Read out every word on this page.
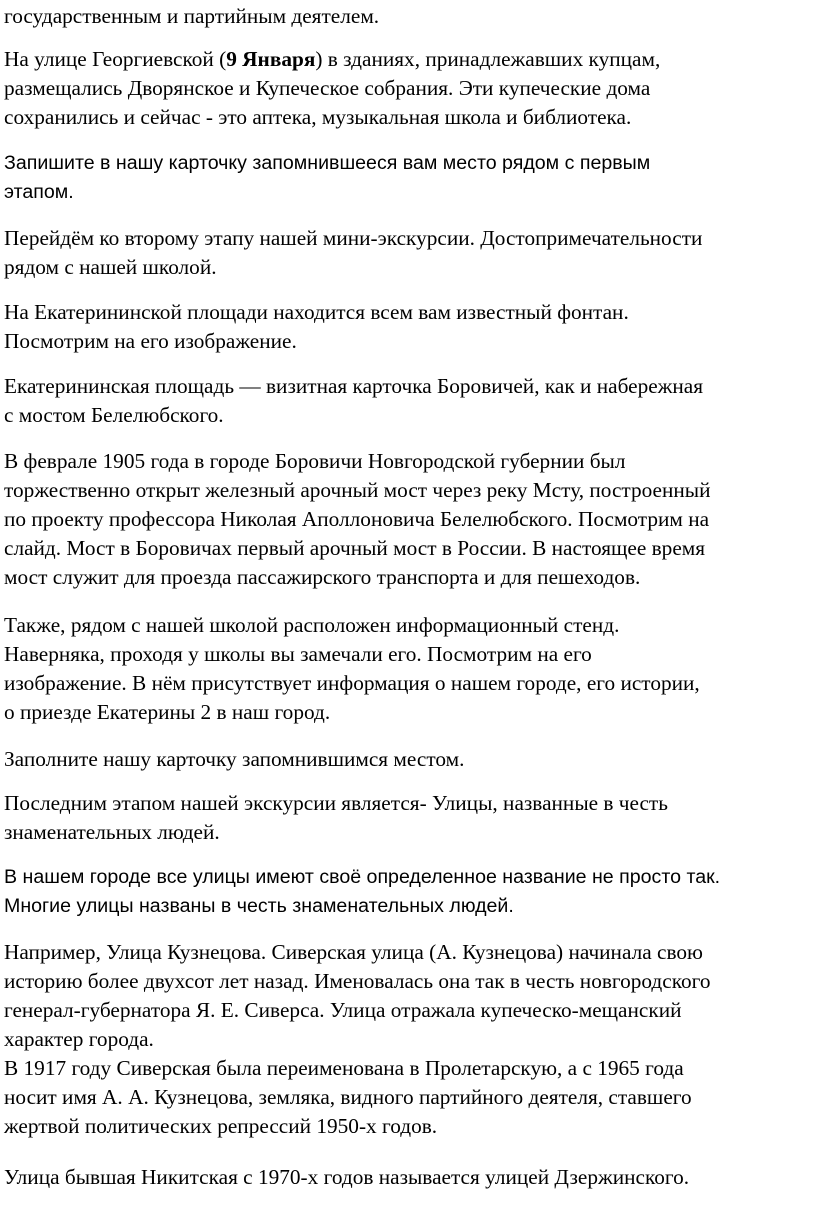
государственным и партийным деятелем.

На улице Георгиевской (9 Января) в зданиях, принадлежавших купцам,
размещались Дворянское и Купеческое собрания. Эти купеческие дома
сохранились и сейчас - это аптека, музыкальная школа и библиотека.

Запишите в нашу карточку запомнившееся вам место рядом с первым
этапом.

Перейдём ко второму этапу нашей мини-экскурсии. Достопримечательности
рядом с нашей школой.

На Екатерининской площади находится всем вам известный фонтан.
Посмотрим на его изображение.

Екатерининская площадь — визитная карточка Боровичей, как и набережная
с мостом Белелюбского.

В феврале 1905 года в городе Боровичи Новгородской губернии был
торжественно открыт железный арочный мост через реку Мсту, построенный
по проекту профессора Николая Аполлоновича Белелюбского. Посмотрим на
слайд. Мост в Боровичах первый арочный мост в России. В настоящее время
мост служит для проезда пассажирского транспорта и для пешеходов.

Также, рядом с нашей школой расположен информационный стенд.
Наверняка, проходя у школы вы замечали его. Посмотрим на его
изображение. В нём присутствует информация о нашем городе, его истории,
о приезде Екатерины 2 в наш город.

Заполните нашу карточку запомнившимся местом.

Последним этапом нашей экскурсии является- Улицы, названные в честь
знаменательных людей.

В нашем городе все улицы имеют своё определенное название не просто так.
Многие улицы названы в честь знаменательных людей.

Например, Улица Кузнецова. Сиверская улица (А. Кузнецова) начинала свою
историю более двухсот лет назад. Именовалась она так в честь новгородского
генерал-губернатора Я. Е. Сиверса. Улица отражала купеческо-мещанский
характер города.
В 1917 году Сиверская была переименована в Пролетарскую, а с 1965 года
носит имя А. А. Кузнецова, земляка, видного партийного деятеля, ставшего
жертвой политических репрессий 1950-х годов.

Улица бывшая Никитская с 1970-х годов называется улицей Дзержинского.
